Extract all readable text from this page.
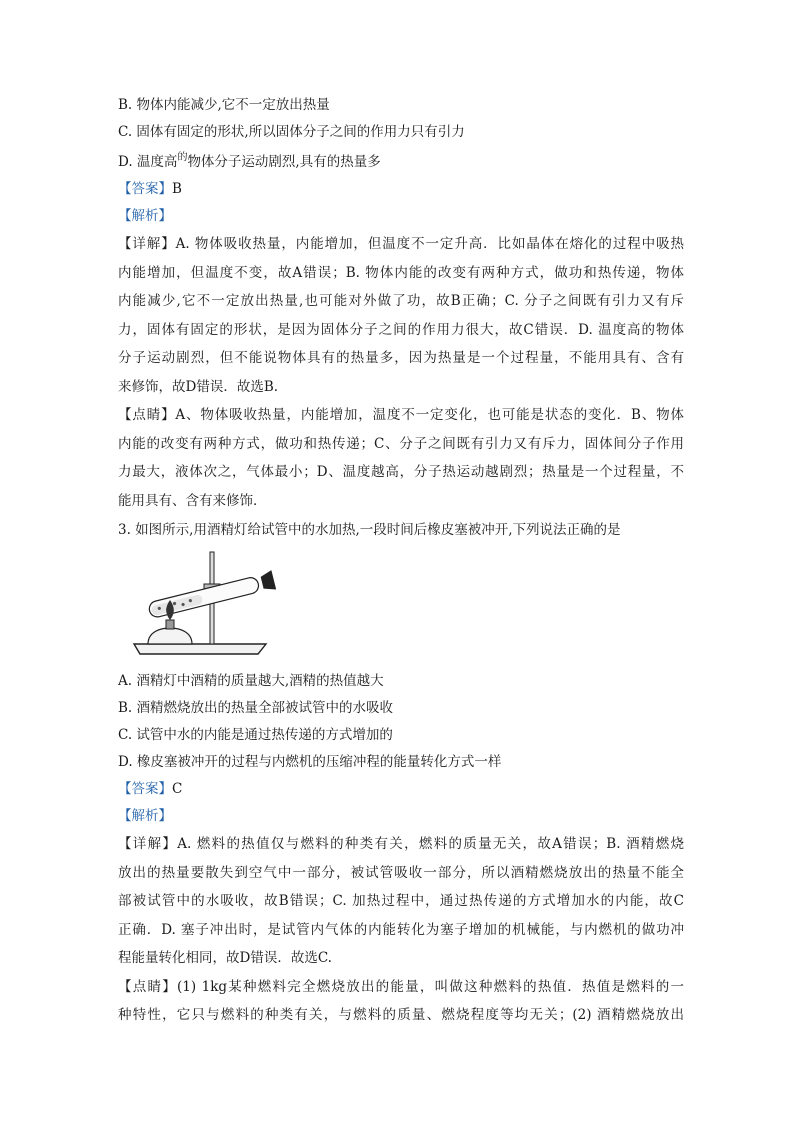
B. 物体内能减少,它不一定放出热量
C. 固体有固定的形状,所以固体分子之间的作用力只有引力
D. 温度高$^的$物体分子运动剧烈,具有的热量多
【答案】B
【解析】
【详解】A. 物体吸收热量，内能增加，但温度不一定升高．比如晶体在熔化的过程中吸热
内能增加，但温度不变，故A错误；B. 物体内能的改变有两种方式，做功和热传递，物体
内能减少,它不一定放出热量,也可能对外做了功，故B正确；C. 分子之间既有引力又有斥
力，固体有固定的形状，是因为固体分子之间的作用力很大，故C错误．D. 温度高的物体
分子运动剧烈，但不能说物体具有的热量多，因为热量是一个过程量，不能用具有、含有
来修饰，故D错误．故选B.
【点睛】A、物体吸收热量，内能增加，温度不一定变化，也可能是状态的变化．B、物体
内能的改变有两种方式，做功和热传递；C、分子之间既有引力又有斥力，固体间分子作用
力最大，液体次之，气体最小；D、温度越高，分子热运动越剧烈；热量是一个过程量，不
能用具有、含有来修饰．
3. 如图所示,用酒精灯给试管中的水加热,一段时间后橡皮塞被冲开,下列说法正确的是
A. 酒精灯中酒精的质量越大,酒精的热值越大
B. 酒精燃烧放出的热量全部被试管中的水吸收
C. 试管中水的内能是通过热传递的方式增加的
D. 橡皮塞被冲开的过程与内燃机的压缩冲程的能量转化方式一样
【答案】C
【解析】
【详解】A. 燃料的热值仅与燃料的种类有关，燃料的质量无关，故A错误；B. 酒精燃烧
放出的热量要散失到空气中一部分，被试管吸收一部分，所以酒精燃烧放出的热量不能全
部被试管中的水吸收，故B错误；C. 加热过程中，通过热传递的方式增加水的内能，故C
正确．D. 塞子冲出时，是试管内气体的内能转化为塞子增加的机械能，与内燃机的做功冲
程能量转化相同，故D错误．故选C.
【点睛】(1) 1kg某种燃料完全燃烧放出的能量，叫做这种燃料的热值．热值是燃料的一
种特性，它只与燃料的种类有关，与燃料的质量、燃烧程度等均无关；(2) 酒精燃烧放出
